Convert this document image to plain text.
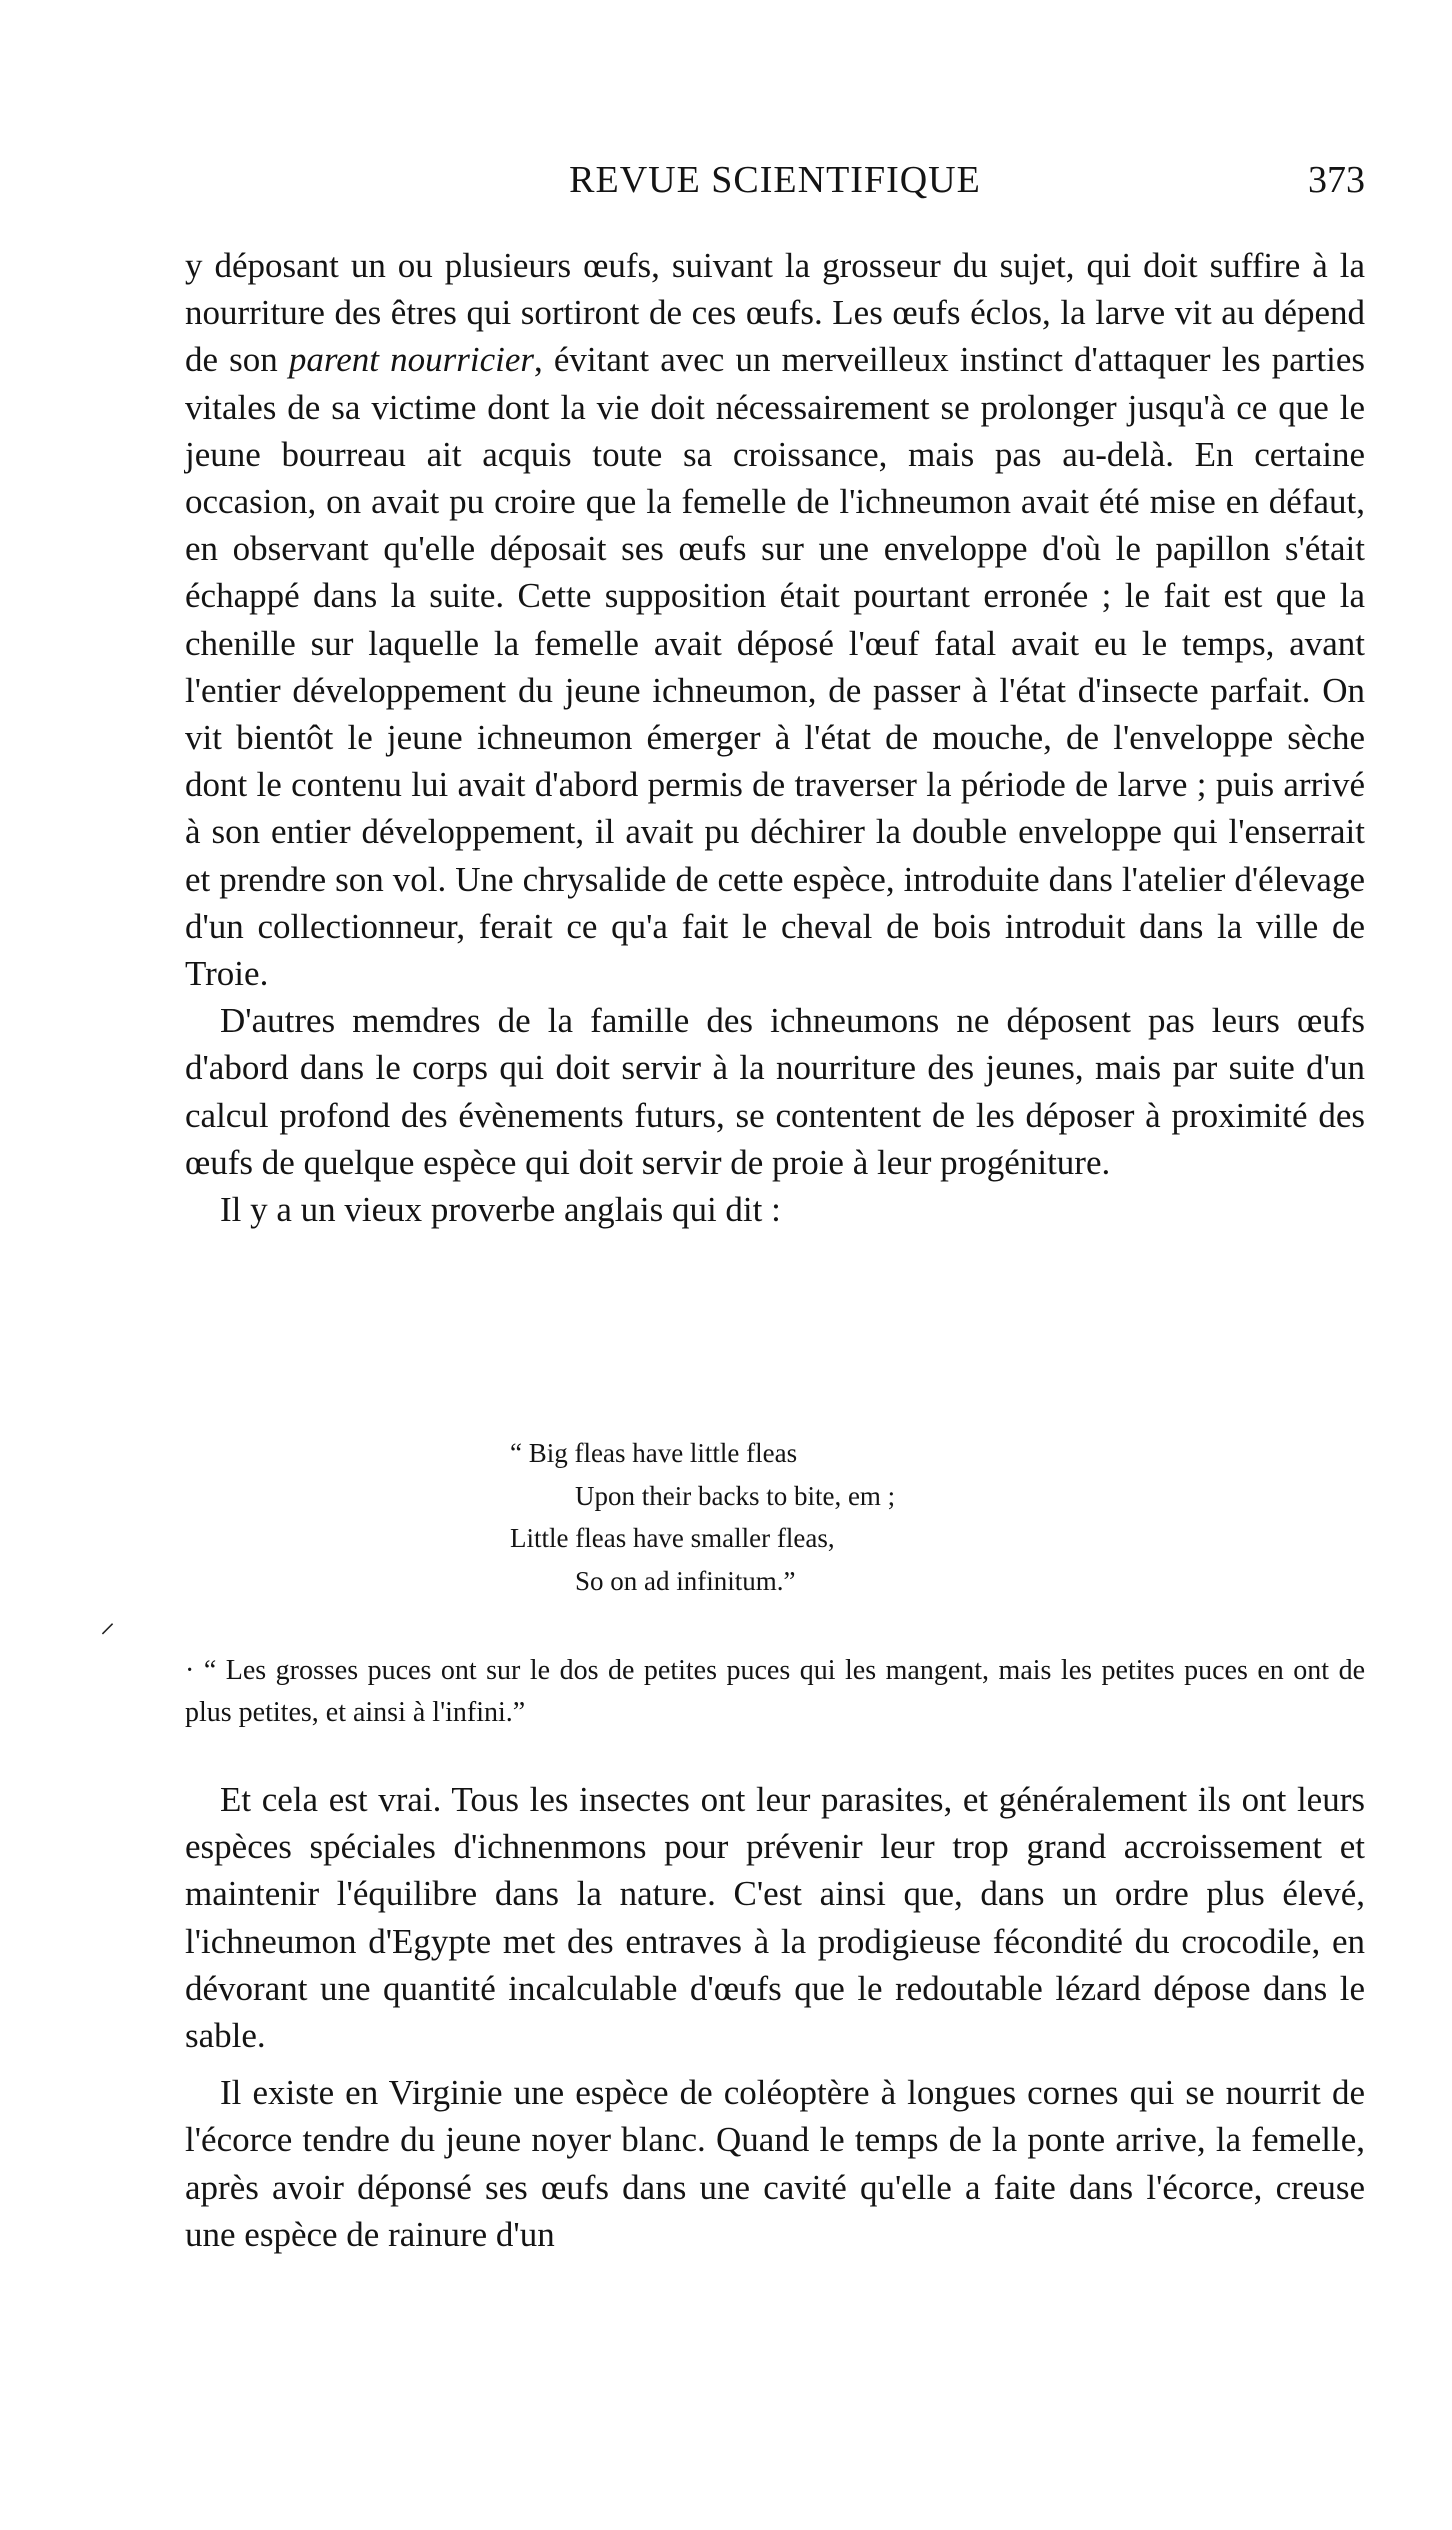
REVUE SCIENTIFIQUE	373

y déposant un ou plusieurs œufs, suivant la grosseur du sujet, qui doit suffire à la nourriture des êtres qui sortiront de ces œufs. Les œufs éclos, la larve vit au dépend de son parent nourricier, évitant avec un merveilleux instinct d'attaquer les parties vitales de sa victime dont la vie doit nécessairement se prolonger jusqu'à ce que le jeune bourreau ait acquis toute sa croissance, mais pas au-delà. En certaine occasion, on avait pu croire que la femelle de l'ichneumon avait été mise en défaut, en observant qu'elle déposait ses œufs sur une enveloppe d'où le papillon s'était échappé dans la suite. Cette supposition était pourtant erronée ; le fait est que la chenille sur laquelle la femelle avait déposé l'œuf fatal avait eu le temps, avant l'entier développement du jeune ichneumon, de passer à l'état d'insecte parfait. On vit bientôt le jeune ichneumon émerger à l'état de mouche, de l'enveloppe sèche dont le contenu lui avait d'abord permis de traverser la période de larve ; puis arrivé à son entier développement, il avait pu déchirer la double enveloppe qui l'enserrait et prendre son vol. Une chrysalide de cette espèce, introduite dans l'atelier d'élevage d'un collectionneur, ferait ce qu'a fait le cheval de bois introduit dans la ville de Troie.

D'autres memdres de la famille des ichneumons ne déposent pas leurs œufs d'abord dans le corps qui doit servir à la nourriture des jeunes, mais par suite d'un calcul profond des évènements futurs, se contentent de les déposer à proximité des œufs de quelque espèce qui doit servir de proie à leur progéniture.

Il y a un vieux proverbe anglais qui dit :

“ Big fleas have little fleas
Upon their backs to bite, em ;
Little fleas have smaller fleas,
So on ad infinitum.”

· “ Les grosses puces ont sur le dos de petites puces qui les mangent, mais les petites puces en ont de plus petites, et ainsi à l'infini.”

Et cela est vrai. Tous les insectes ont leur parasites, et généralement ils ont leurs espèces spéciales d'ichnenmons pour prévenir leur trop grand accroissement et maintenir l'équilibre dans la nature. C'est ainsi que, dans un ordre plus élevé, l'ichneumon d'Egypte met des entraves à la prodigieuse fécondité du crocodile, en dévorant une quantité incalculable d'œufs que le redoutable lézard dépose dans le sable.

Il existe en Virginie une espèce de coléoptère à longues cornes qui se nourrit de l'écorce tendre du jeune noyer blanc. Quand le temps de la ponte arrive, la femelle, après avoir déponsé ses œufs dans une cavité qu'elle a faite dans l'écorce, creuse une espèce de rainure d'un

⸝
